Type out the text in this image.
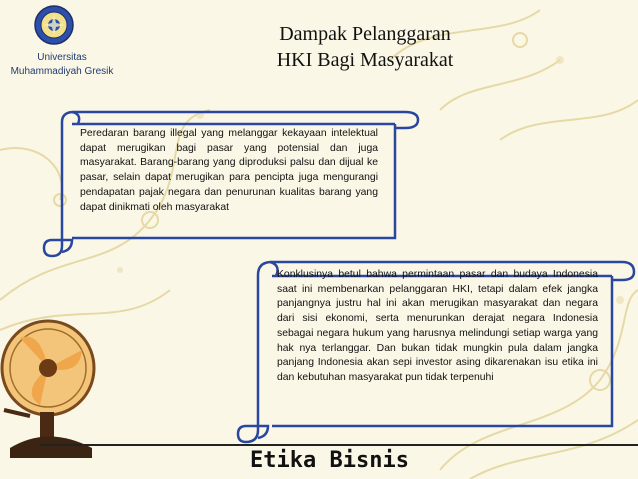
Universitas
Muhammadiyah Gresik
Dampak Pelanggaran
HKI Bagi Masyarakat
Peredaran barang illegal yang melanggar kekayaan intelektual dapat merugikan bagi pasar yang potensial dan juga masyarakat. Barang-barang yang diproduksi palsu dan dijual ke pasar, selain dapat merugikan para pencipta juga mengurangi pendapatan pajak negara dan penurunan kualitas barang yang dapat dinikmati oleh masyarakat
Konklusinya betul bahwa permintaan pasar dan budaya Indonesia saat ini membenarkan pelanggaran HKI, tetapi dalam efek jangka panjangnya justru hal ini akan merugikan masyarakat dan negara dari sisi ekonomi, serta menurunkan derajat negara Indonesia sebagai negara hukum yang harusnya melindungi setiap warga yang hak nya terlanggar. Dan bukan tidak mungkin pula dalam jangka panjang Indonesia akan sepi investor asing dikarenakan isu etika ini dan kebutuhan masyarakat pun tidak terpenuhi
Etika Bisnis
